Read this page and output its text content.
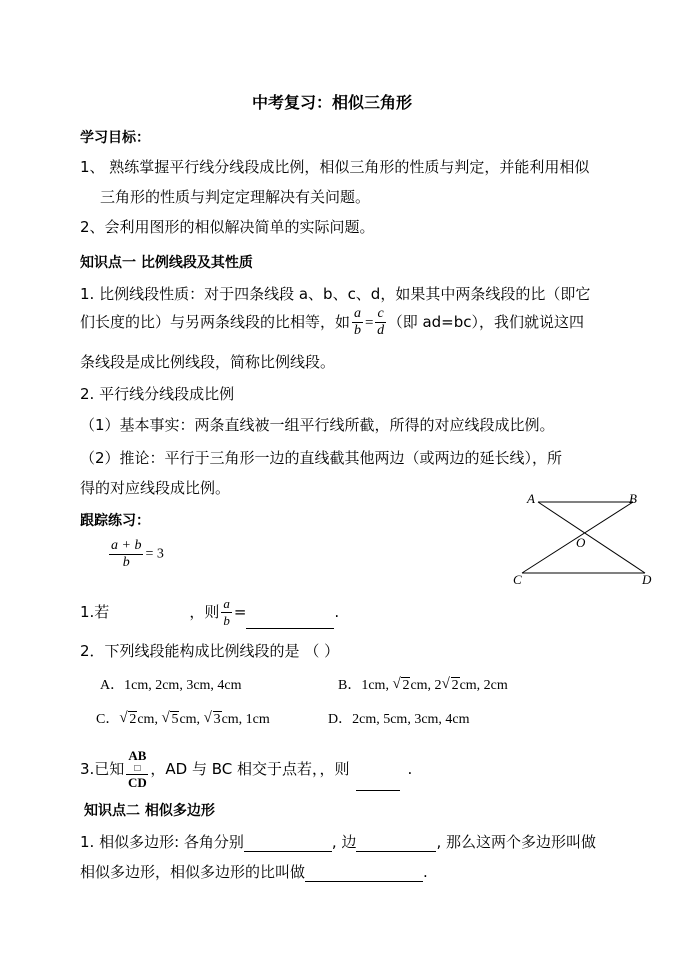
中考复习：相似三角形
学习目标：
1、 熟练掌握平行线分线段成比例，相似三角形的性质与判定，并能利用相似
三角形的性质与判定定理解决有关问题。
2、会利用图形的相似解决简单的实际问题。
知识点一 比例线段及其性质
1. 比例线段性质：对于四条线段 a、b、c、d，如果其中两条线段的比（即它
们长度的比）与另两条线段的比相等，如 $\frac{a}{b} = \frac{c}{d}$ （即 ad=bc），我们就说这四
条线段是成比例线段，简称比例线段。
2. 平行线分线段成比例
（1）基本事实：两条直线被一组平行线所截，所得的对应线段成比例。
（2）推论：平行于三角形一边的直线截其他两边（或两边的延长线），所
得的对应线段成比例。
A	B
O
C	D
跟踪练习：
$\frac{a + b}{b} = 3$
1.若	，则 $\frac{a}{b}$ =	.
2．下列线段能构成比例线段的是 （ ）
A．1cm, 2cm, 3cm, 4cm	B．1cm, √ 2cm, 2 √ 2cm, 2cm
C． √ 2cm, √ 5cm, √ 3cm, 1cm	D．2cm, 5cm, 3cm, 4cm
3.已知
AB
□
CD
，AD 与 BC 相交于点若，，则	.
知识点二 相似多边形
1. 相似多边形: 各角分别	, 边	, 那么这两个多边形叫做
相似多边形，相似多边形的比叫做	.
